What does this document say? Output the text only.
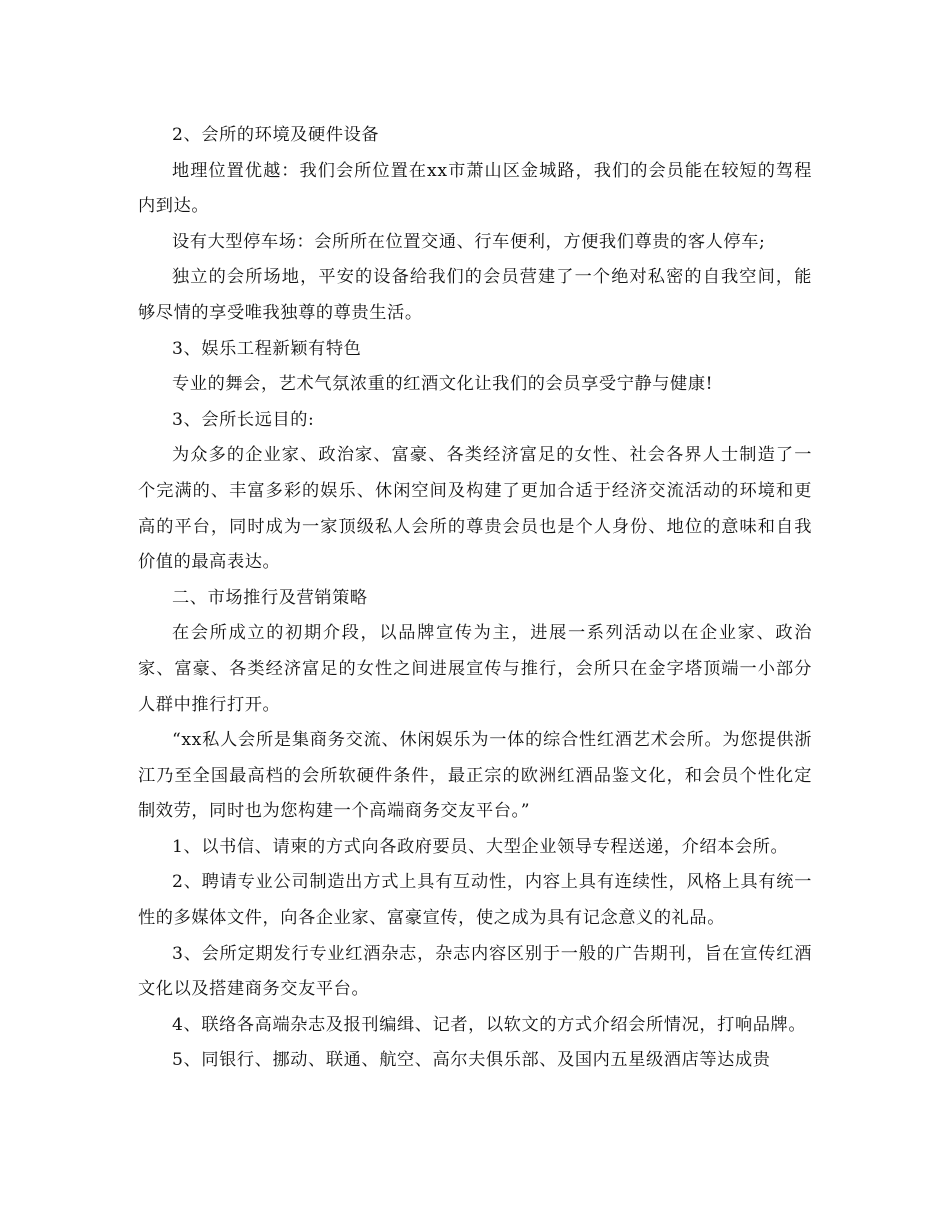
2、会所的环境及硬件设备

地理位置优越：我们会所位置在xx市萧山区金城路，我们的会员能在较短的驾程内到达。

设有大型停车场：会所所在位置交通、行车便利，方便我们尊贵的客人停车;

独立的会所场地，平安的设备给我们的会员营建了一个绝对私密的自我空间，能够尽情的享受唯我独尊的尊贵生活。

3、娱乐工程新颖有特色

专业的舞会，艺术气氛浓重的红酒文化让我们的会员享受宁静与健康!

3、会所长远目的:

为众多的企业家、政治家、富豪、各类经济富足的女性、社会各界人士制造了一个完满的、丰富多彩的娱乐、休闲空间及构建了更加合适于经济交流活动的环境和更高的平台，同时成为一家顶级私人会所的尊贵会员也是个人身份、地位的意味和自我价值的最高表达。

二、市场推行及营销策略

在会所成立的初期介段，以品牌宣传为主，进展一系列活动以在企业家、政治家、富豪、各类经济富足的女性之间进展宣传与推行，会所只在金字塔顶端一小部分人群中推行打开。

“xx私人会所是集商务交流、休闲娱乐为一体的综合性红酒艺术会所。为您提供浙江乃至全国最高档的会所软硬件条件，最正宗的欧洲红酒品鉴文化，和会员个性化定制效劳，同时也为您构建一个高端商务交友平台。”

1、以书信、请柬的方式向各政府要员、大型企业领导专程送递，介绍本会所。

2、聘请专业公司制造出方式上具有互动性，内容上具有连续性，风格上具有统一性的多媒体文件，向各企业家、富豪宣传，使之成为具有记念意义的礼品。

3、会所定期发行专业红酒杂志，杂志内容区别于一般的广告期刊，旨在宣传红酒文化以及搭建商务交友平台。

4、联络各高端杂志及报刊编缉、记者，以软文的方式介绍会所情况，打响品牌。

5、同银行、挪动、联通、航空、高尔夫俱乐部、及国内五星级酒店等达成贵
